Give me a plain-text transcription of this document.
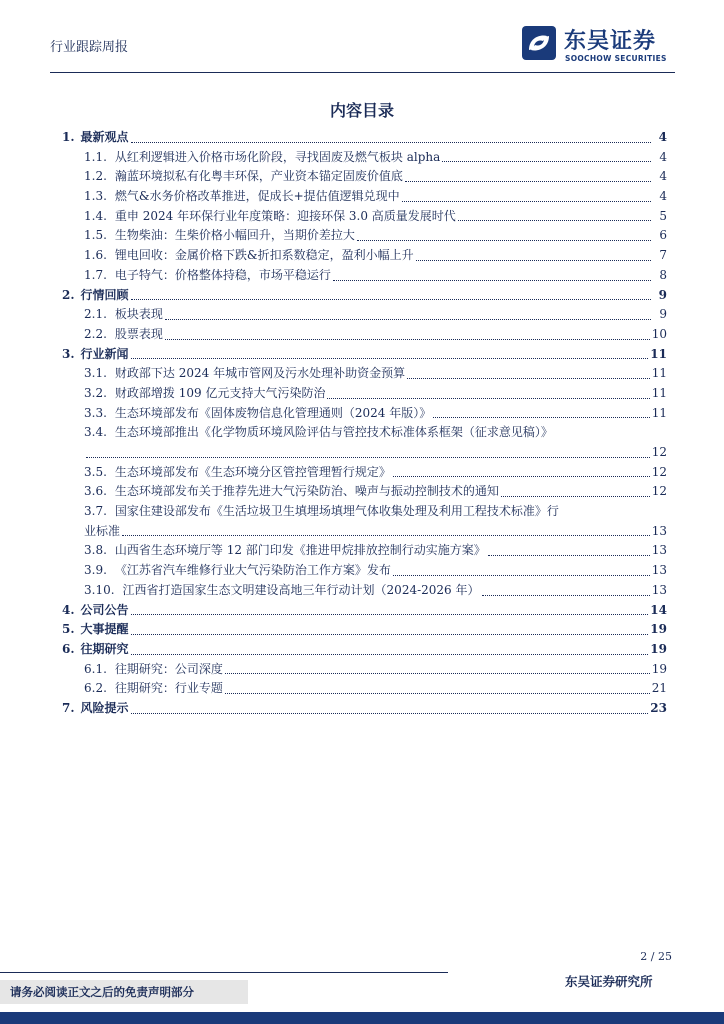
行业跟踪周报	东吴证券
SOOCHOW SECURITIES
内容目录
1. 最新观点	4
1.1. 从红利逻辑进入价格市场化阶段，寻找固废及燃气板块 alpha	4
1.2. 瀚蓝环境拟私有化粤丰环保，产业资本锚定固废价值底	4
1.3. 燃气&水务价格改革推进，促成长+提估值逻辑兑现中	4
1.4. 重申 2024 年环保行业年度策略：迎接环保 3.0 高质量发展时代	5
1.5. 生物柴油：生柴价格小幅回升，当期价差拉大	6
1.6. 锂电回收：金属价格下跌&折扣系数稳定，盈利小幅上升	7
1.7. 电子特气：价格整体持稳，市场平稳运行	8
2. 行情回顾	9
2.1. 板块表现	9
2.2. 股票表现	10
3. 行业新闻	11
3.1. 财政部下达 2024 年城市管网及污水处理补助资金预算	11
3.2. 财政部增拨 109 亿元支持大气污染防治	11
3.3. 生态环境部发布《固体废物信息化管理通则（2024 年版）》	11
3.4. 生态环境部推出《化学物质环境风险评估与管控技术标准体系框架（征求意见稿）》
12
3.5. 生态环境部发布《生态环境分区管控管理暂行规定》	12
3.6. 生态环境部发布关于推荐先进大气污染防治、噪声与振动控制技术的通知	12
3.7. 国家住建设部发布《生活垃圾卫生填埋场填埋气体收集处理及利用工程技术标准》行
业标准	13
3.8. 山西省生态环境厅等 12 部门印发《推进甲烷排放控制行动实施方案》	13
3.9. 《江苏省汽车维修行业大气污染防治工作方案》发布	13
3.10. 江西省打造国家生态文明建设高地三年行动计划（2024-2026 年）	13
4. 公司公告	14
5. 大事提醒	19
6. 往期研究	19
6.1. 往期研究：公司深度	19
6.2. 往期研究：行业专题	21
7. 风险提示	23
2 / 25
东吴证券研究所
请务必阅读正文之后的免责声明部分
